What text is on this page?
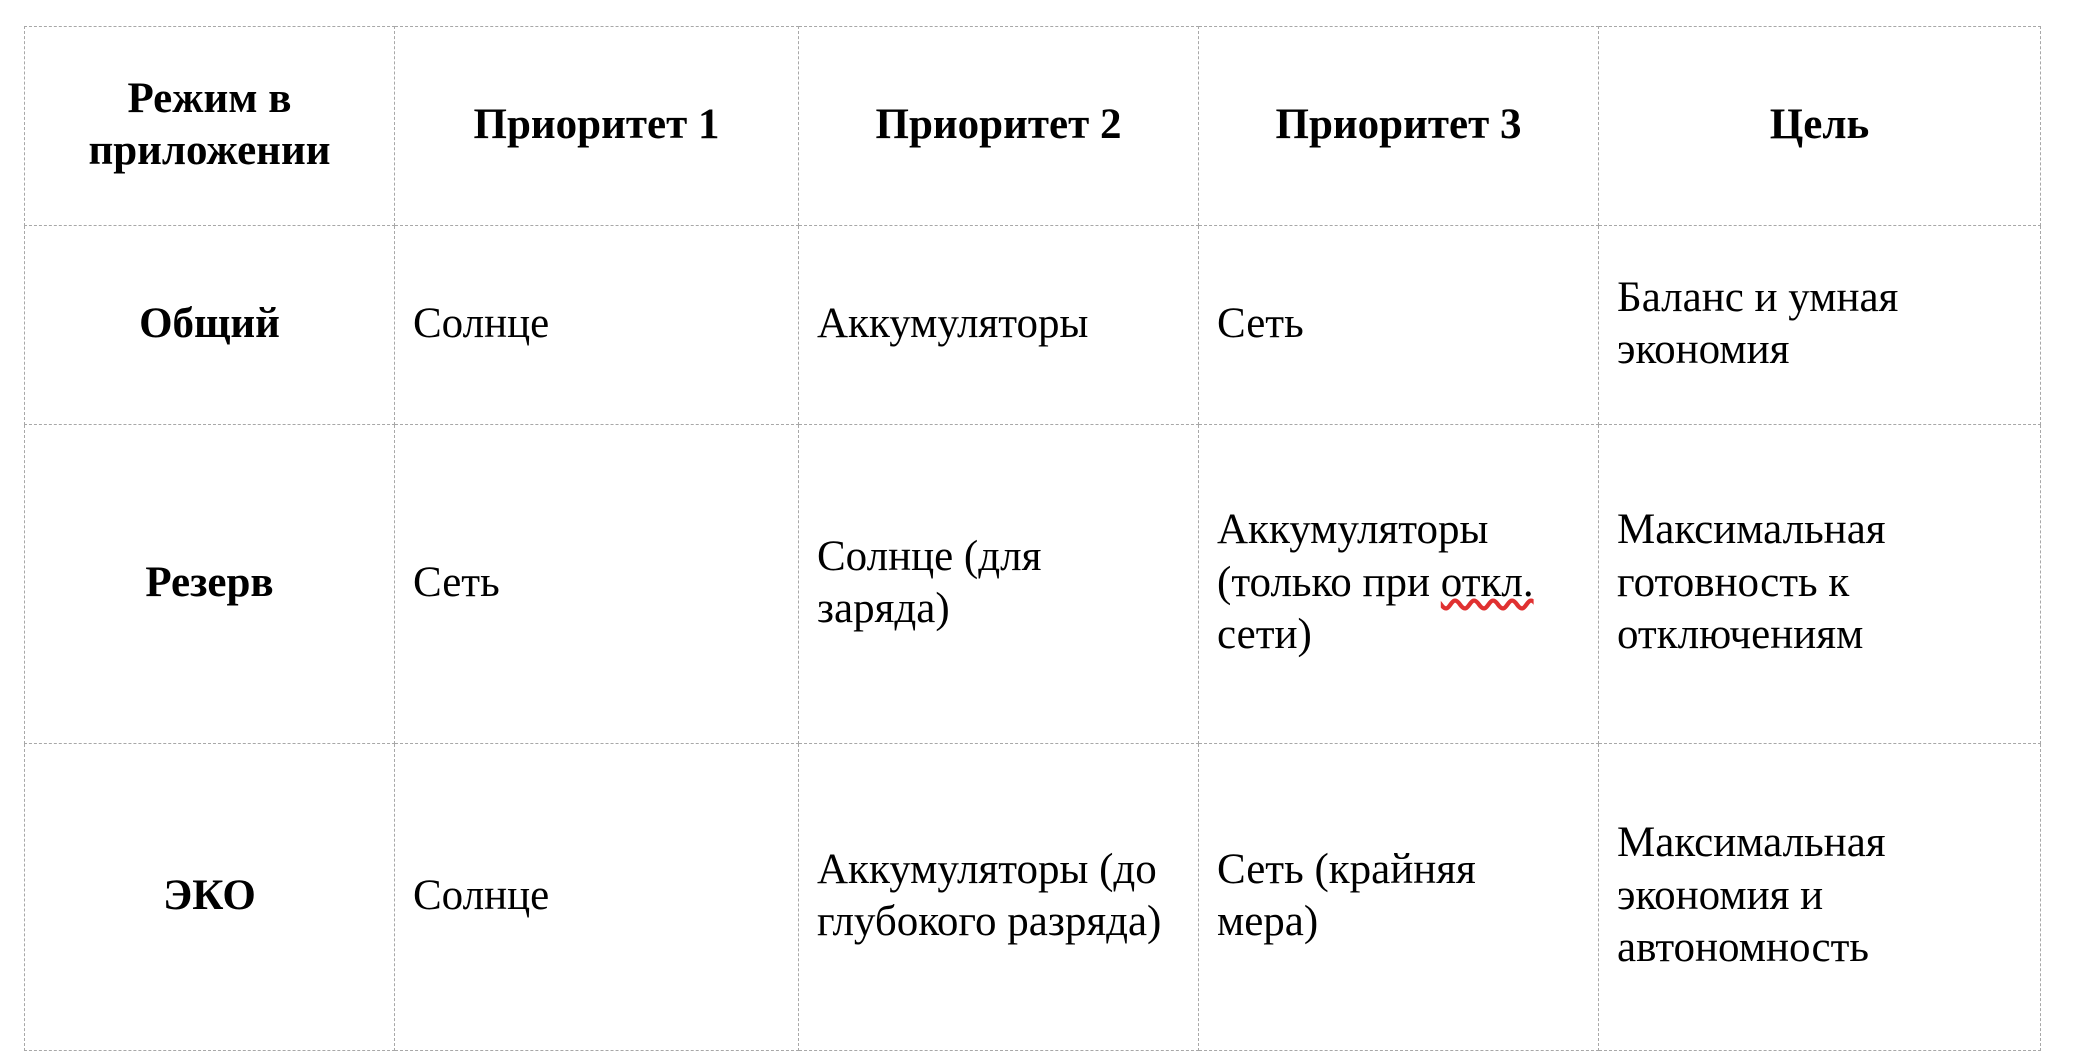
Режим в приложении	Приоритет 1	Приоритет 2	Приоритет 3	Цель
Общий	Солнце	Аккумуляторы	Сеть	Баланс и умная экономия
Резерв	Сеть	Солнце (для заряда)	Аккумуляторы (только при откл. сети)	Максимальная готовность к отключениям
ЭКО	Солнце	Аккумуляторы (до глубокого разряда)	Сеть (крайняя мера)	Максимальная экономия и автономность
